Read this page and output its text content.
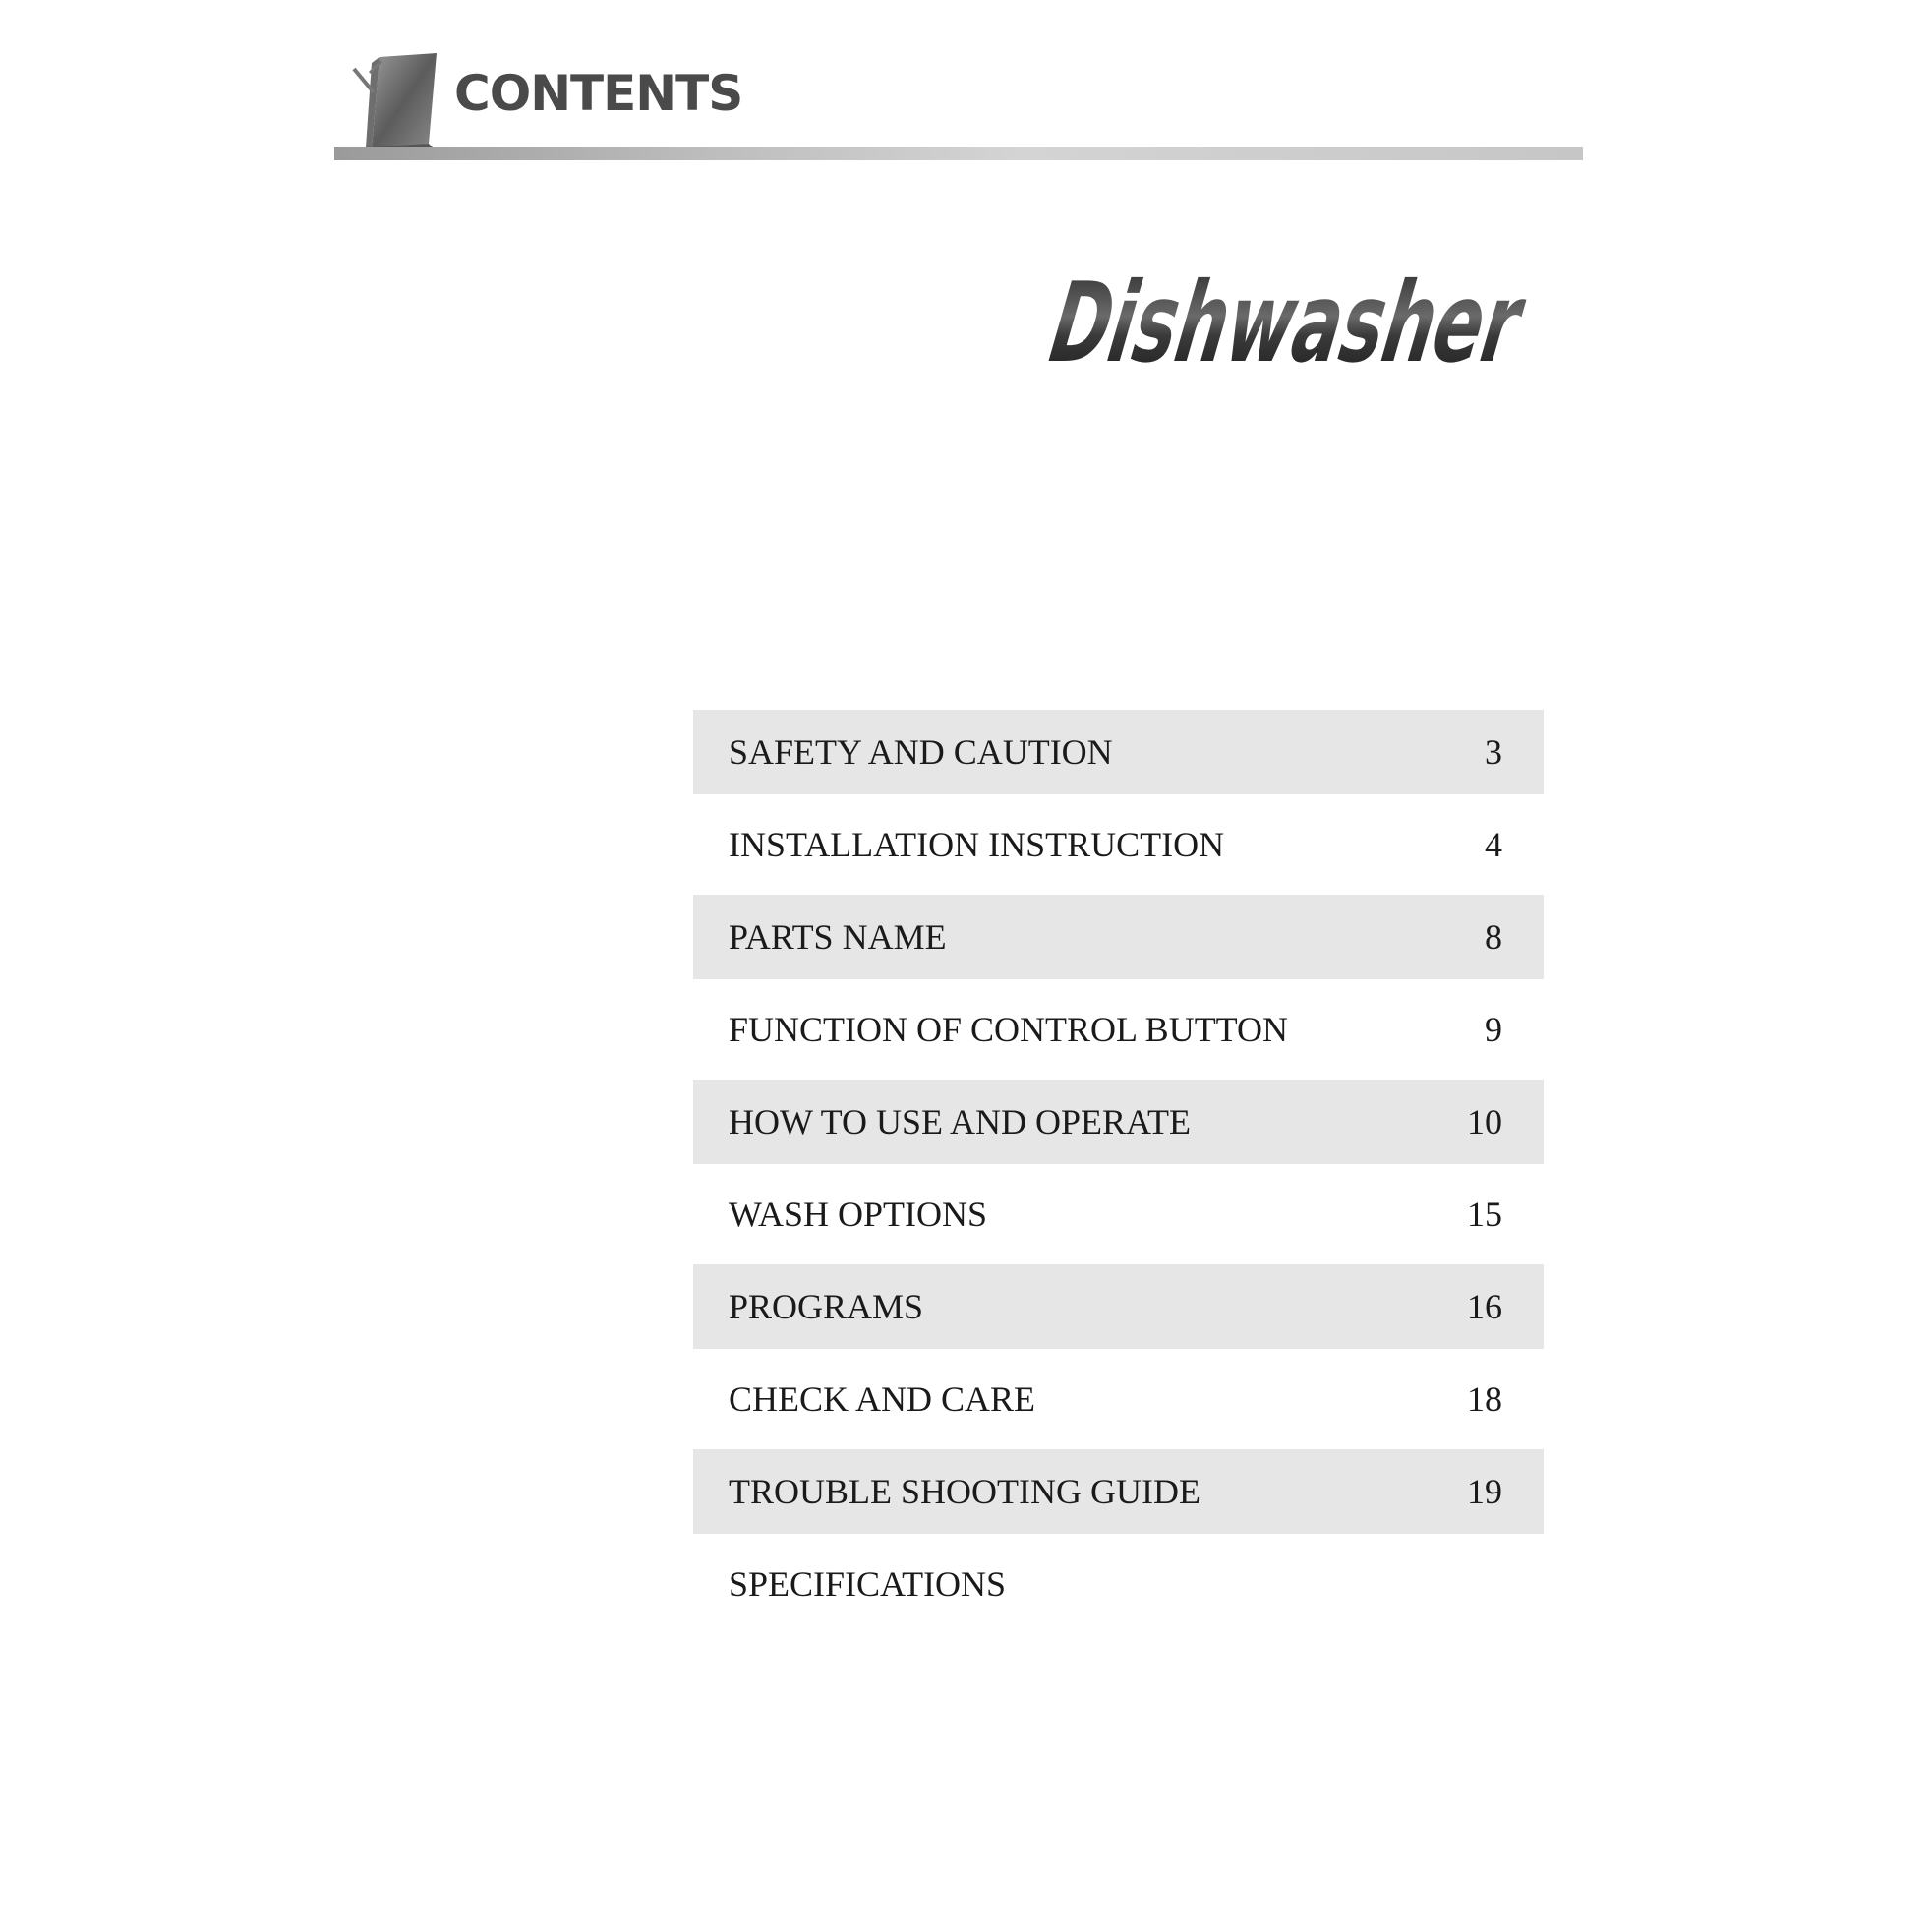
CONTENTS
Dishwasher
SAFETY AND CAUTION	3
INSTALLATION INSTRUCTION	4
PARTS NAME	8
FUNCTION OF CONTROL BUTTON	9
HOW TO USE AND OPERATE	10
WASH OPTIONS	15
PROGRAMS	16
CHECK AND CARE	18
TROUBLE SHOOTING GUIDE	19
SPECIFICATIONS
